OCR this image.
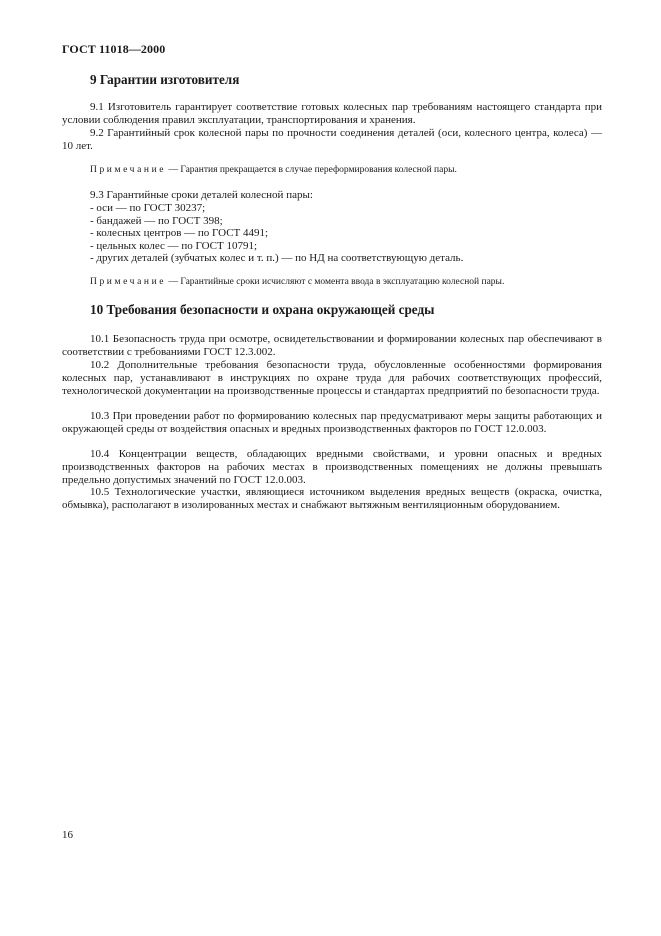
ГОСТ 11018—2000
9 Гарантии изготовителя
9.1 Изготовитель гарантирует соответствие готовых колесных пар требованиям настоящего стандарта при условии соблюдения правил эксплуатации, транспортирования и хранения.
9.2 Гарантийный срок колесной пары по прочности соединения деталей (оси, колесного центра, колеса) — 10 лет.
Примечание — Гарантия прекращается в случае переформирования колесной пары.
9.3 Гарантийные сроки деталей колесной пары:
- оси — по ГОСТ 30237;
- бандажей — по ГОСТ 398;
- колесных центров — по ГОСТ 4491;
- цельных колес — по ГОСТ 10791;
- других деталей (зубчатых колес и т. п.) — по НД на соответствующую деталь.
Примечание — Гарантийные сроки исчисляют с момента ввода в эксплуатацию колесной пары.
10 Требования безопасности и охрана окружающей среды
10.1 Безопасность труда при осмотре, освидетельствовании и формировании колесных пар обеспечивают в соответствии с требованиями ГОСТ 12.3.002.
10.2 Дополнительные требования безопасности труда, обусловленные особенностями формирования колесных пар, устанавливают в инструкциях по охране труда для рабочих соответствующих профессий, технологической документации на производственные процессы и стандартах предприятий по безопасности труда.
10.3 При проведении работ по формированию колесных пар предусматривают меры защиты работающих и окружающей среды от воздействия опасных и вредных производственных факторов по ГОСТ 12.0.003.
10.4 Концентрации веществ, обладающих вредными свойствами, и уровни опасных и вредных производственных факторов на рабочих местах в производственных помещениях не должны превышать предельно допустимых значений по ГОСТ 12.0.003.
10.5 Технологические участки, являющиеся источником выделения вредных веществ (окраска, очистка, обмывка), располагают в изолированных местах и снабжают вытяжным вентиляционным оборудованием.
16
